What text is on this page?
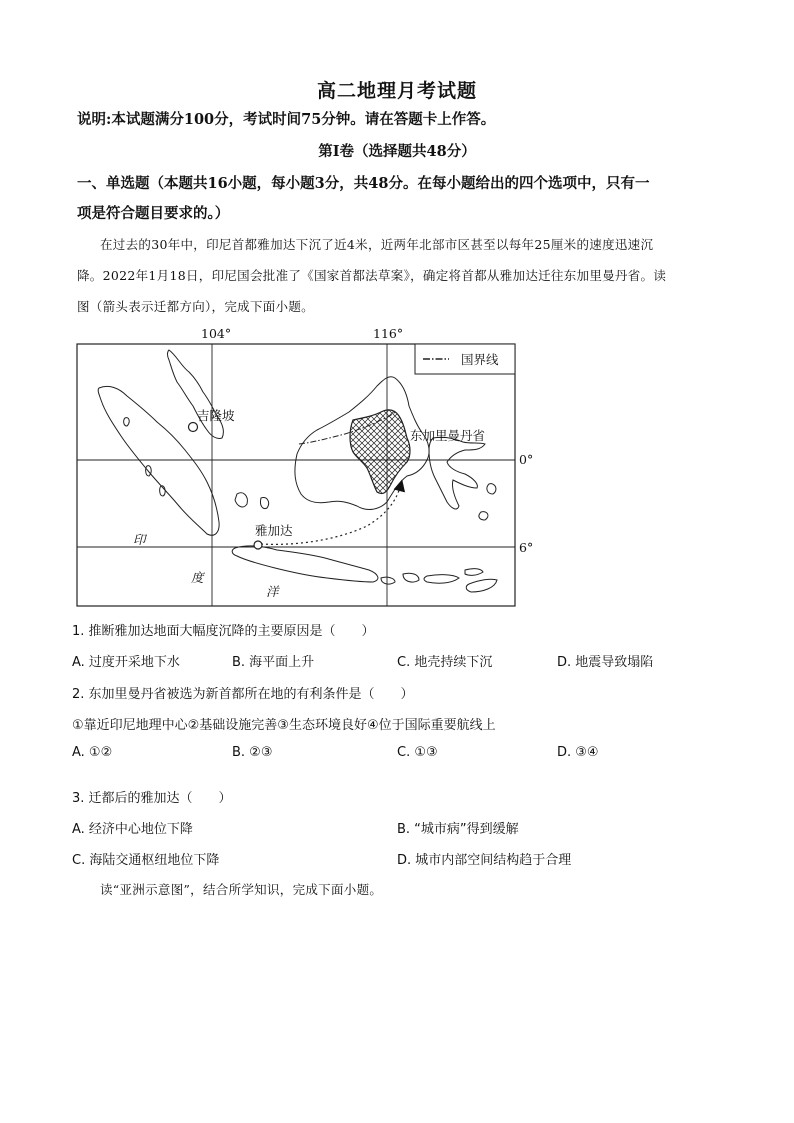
高二地理月考试题
说明:本试题满分100分，考试时间75分钟。请在答题卡上作答。
第Ⅰ卷（选择题共48分）
一、单选题（本题共16小题，每小题3分，共48分。在每小题给出的四个选项中，只有一
项是符合题目要求的。）
在过去的30年中，印尼首都雅加达下沉了近4米，近两年北部市区甚至以每年25厘米的速度迅速沉
降。2022年1月18日，印尼国会批准了《国家首都法草案》，确定将首都从雅加达迁往东加里曼丹省。读
图（箭头表示迁都方向），完成下面小题。
104°	116°
0°
6°
国界线
吉隆坡
雅加达
东加里曼丹省
印
度
洋
1. 推断雅加达地面大幅度沉降的主要原因是（　　）
A. 过度开采地下水	B. 海平面上升	C. 地壳持续下沉	D. 地震导致塌陷
2. 东加里曼丹省被选为新首都所在地的有利条件是（　　）
①靠近印尼地理中心②基础设施完善③生态环境良好④位于国际重要航线上
A. ①②	B. ②③	C. ①③	D. ③④
3. 迁都后的雅加达（　　）
A. 经济中心地位下降	B. “城市病”得到缓解
C. 海陆交通枢纽地位下降	D. 城市内部空间结构趋于合理
读“亚洲示意图”，结合所学知识，完成下面小题。
